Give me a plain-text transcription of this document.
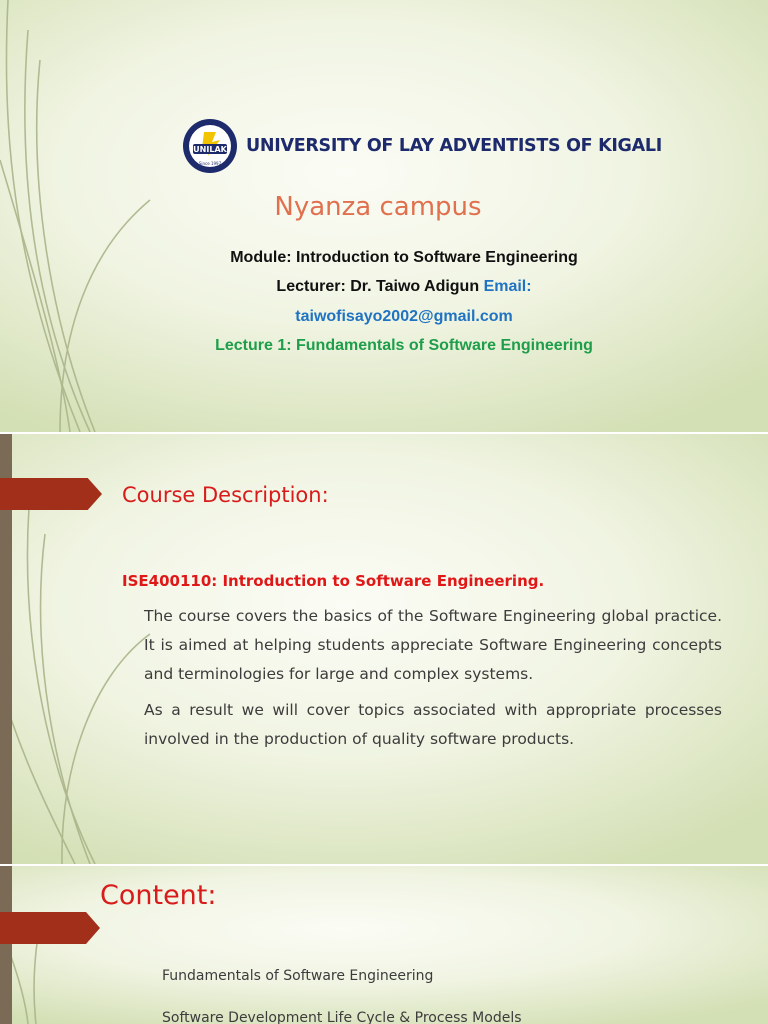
UNILAK
Since 1997
UNIVERSITY OF LAY ADVENTISTS OF KIGALI
Nyanza campus
Module: Introduction to Software Engineering
Lecturer: Dr. Taiwo Adigun Email:
taiwofisayo2002@gmail.com
Lecture 1: Fundamentals of Software Engineering
Course Description:
ISE400110: Introduction to Software Engineering.
The course covers the basics of the Software Engineering global practice. It is aimed at helping students appreciate Software Engineering concepts and terminologies for large and complex systems.
As a result we will cover topics associated with appropriate processes involved in the production of quality software products.
Content:
Fundamentals of Software Engineering
Software Development Life Cycle & Process Models
